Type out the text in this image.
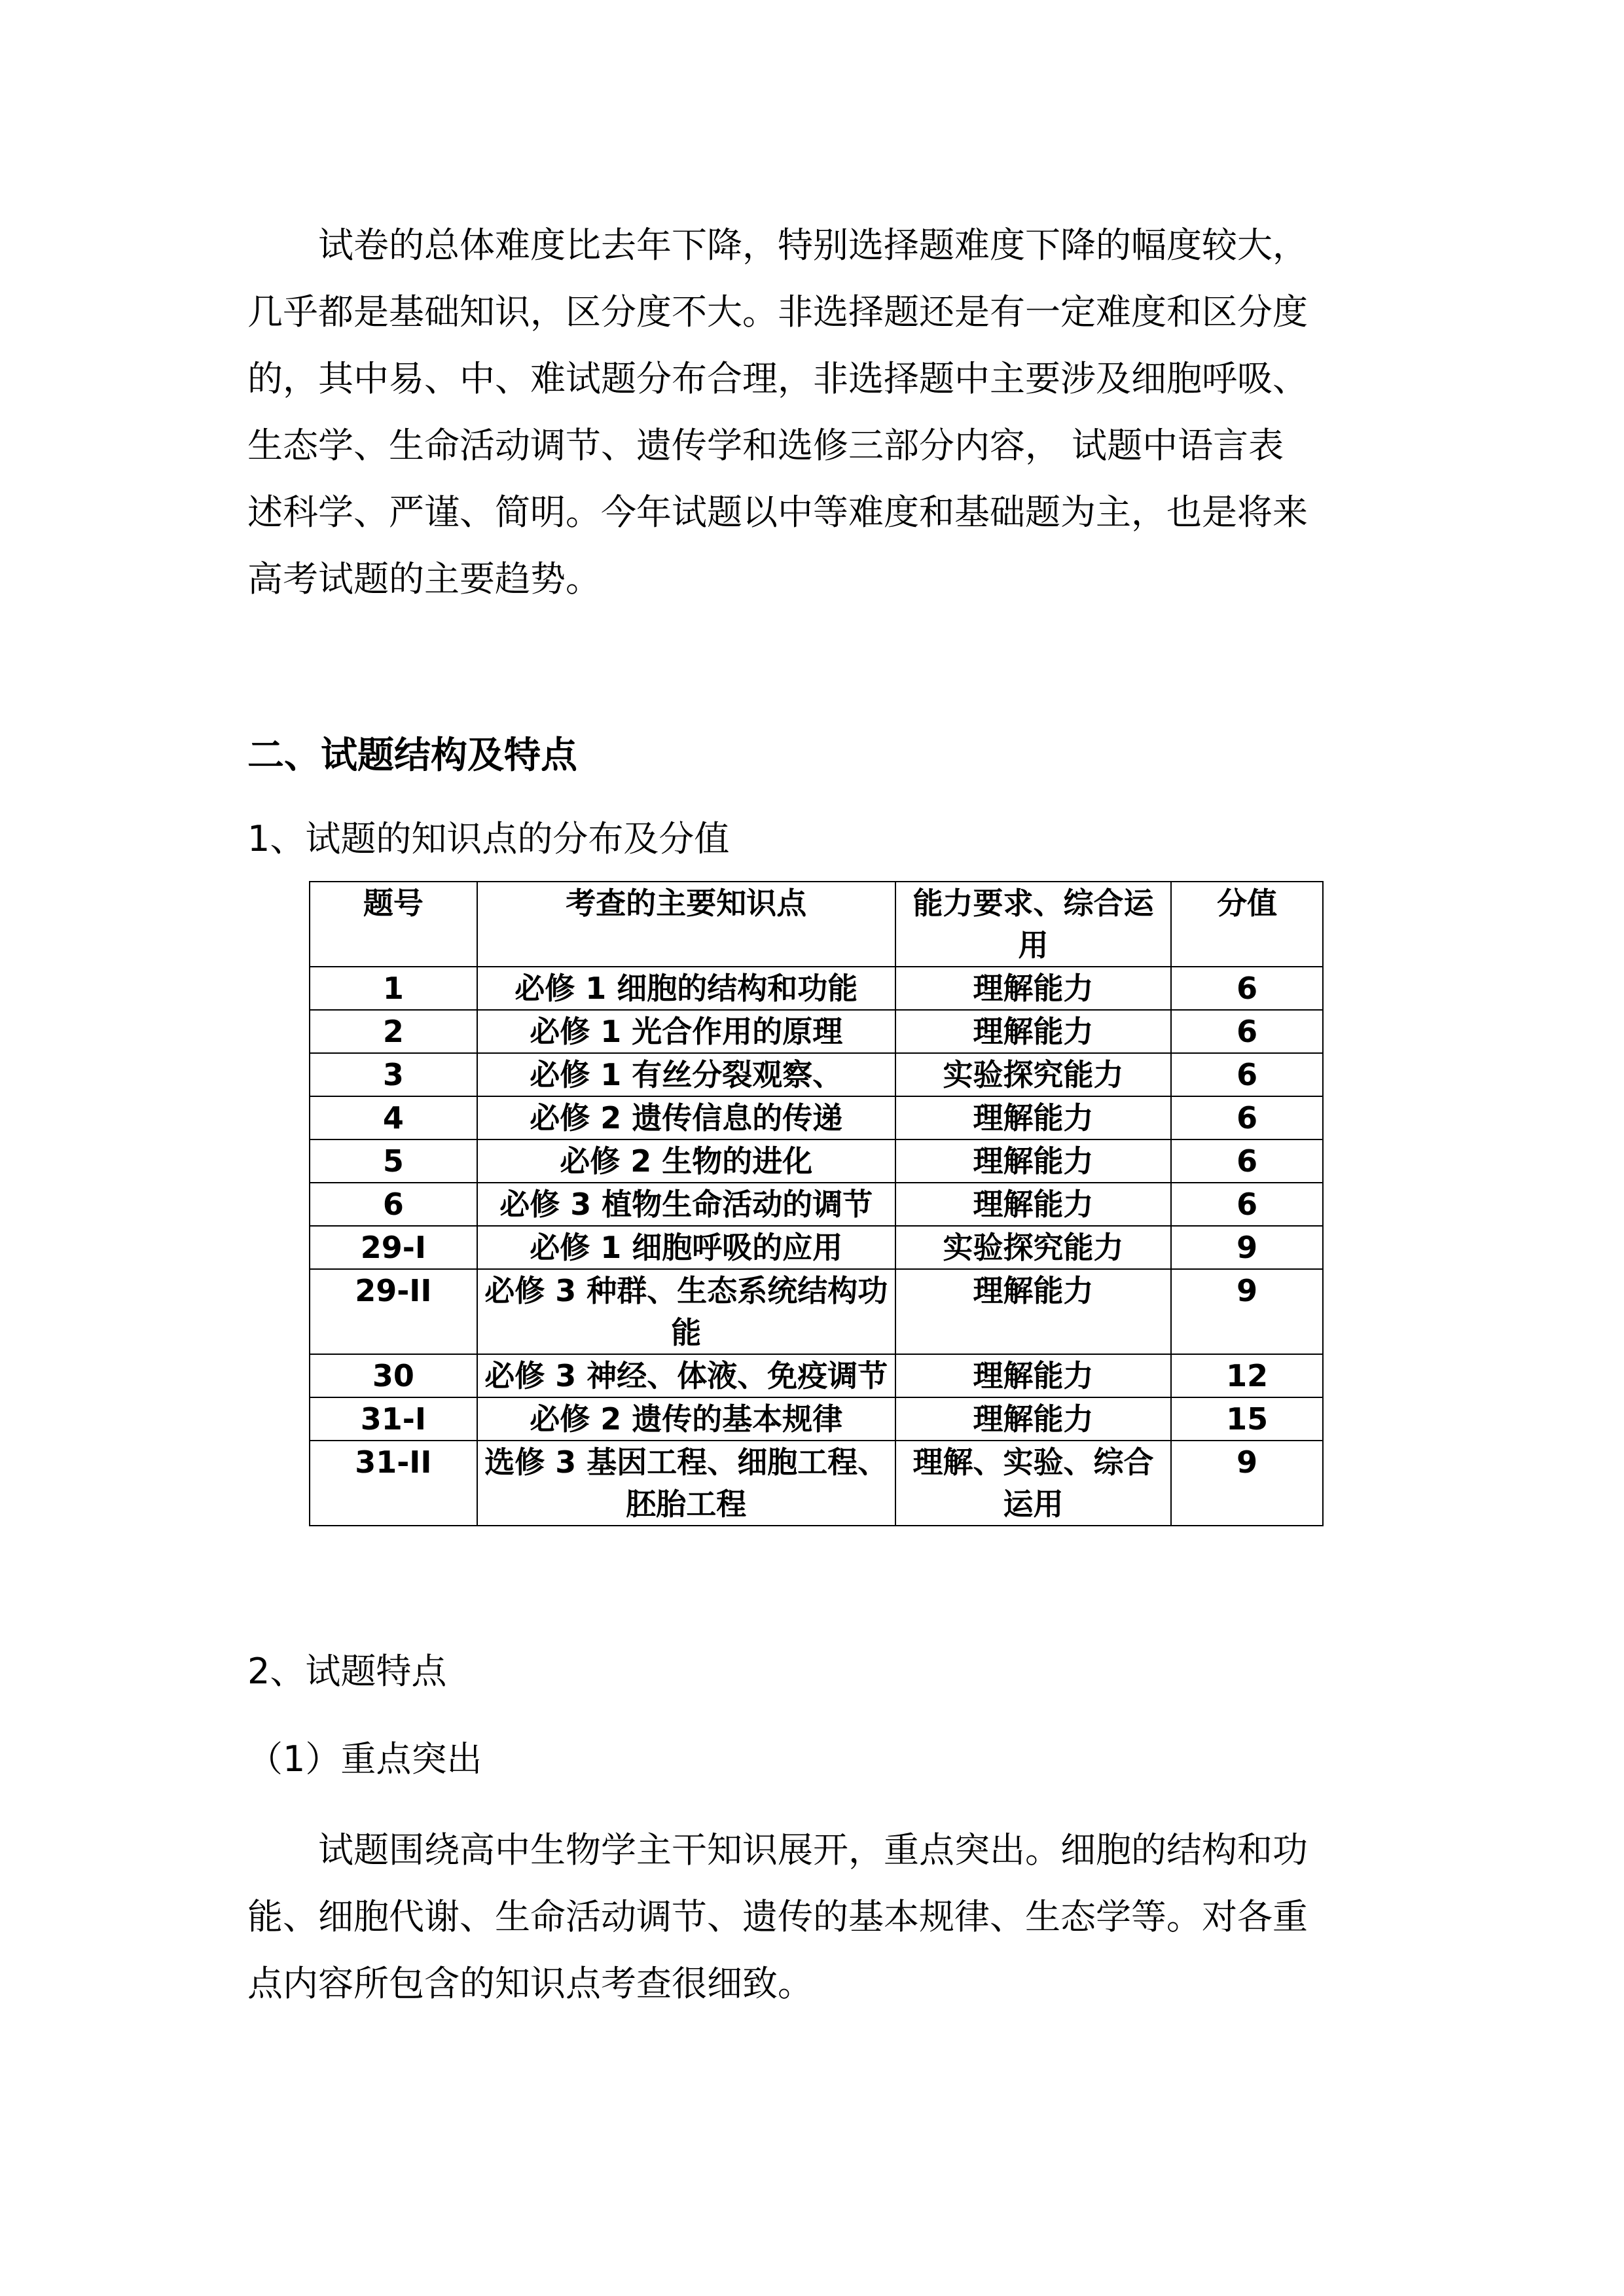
试卷的总体难度比去年下降，特别选择题难度下降的幅度较大，
几乎都是基础知识，区分度不大。非选择题还是有一定难度和区分度
的，其中易、中、难试题分布合理，非选择题中主要涉及细胞呼吸、
生态学、生命活动调节、遗传学和选修三部分内容， 试题中语言表
述科学、严谨、简明。今年试题以中等难度和基础题为主，也是将来
高考试题的主要趋势。
二、试题结构及特点

1、试题的知识点的分布及分值

题号	考查的主要知识点	能力要求、综合运用	分值
1	必修 1 细胞的结构和功能	理解能力	6
2	必修 1 光合作用的原理	理解能力	6
3	必修 1 有丝分裂观察、	实验探究能力	6
4	必修 2 遗传信息的传递	理解能力	6
5	必修 2 生物的进化	理解能力	6
6	必修 3 植物生命活动的调节	理解能力	6
29-I	必修 1 细胞呼吸的应用	实验探究能力	9
29-II	必修 3 种群、生态系统结构功能	理解能力	9
30	必修 3 神经、体液、免疫调节	理解能力	12
31-I	必修 2 遗传的基本规律	理解能力	15
31-II	选修 3 基因工程、细胞工程、胚胎工程	理解、实验、综合运用	9

2、试题特点

（1）重点突出

试题围绕高中生物学主干知识展开，重点突出。细胞的结构和功
能、细胞代谢、生命活动调节、遗传的基本规律、生态学等。对各重
点内容所包含的知识点考查很细致。
